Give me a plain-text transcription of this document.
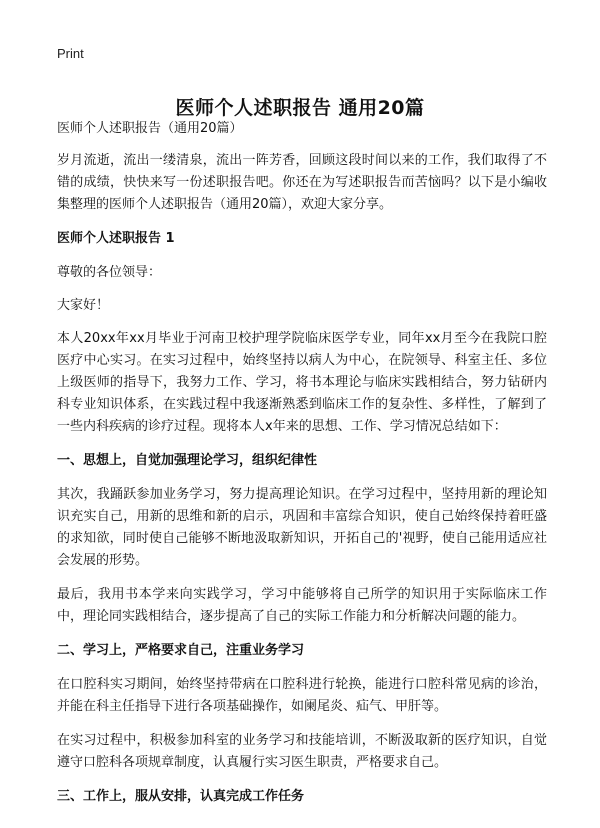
Print
医师个人述职报告 通用20篇

医师个人述职报告（通用20篇）

岁月流逝，流出一缕清泉，流出一阵芳香，回顾这段时间以来的工作，我们取得了不错的成绩，快快来写一份述职报告吧。你还在为写述职报告而苦恼吗？以下是小编收集整理的医师个人述职报告（通用20篇），欢迎大家分享。

医师个人述职报告 1

尊敬的各位领导：

大家好！

本人20xx年xx月毕业于河南卫校护理学院临床医学专业，同年xx月至今在我院口腔医疗中心实习。在实习过程中，始终坚持以病人为中心，在院领导、科室主任、多位上级医师的指导下，我努力工作、学习，将书本理论与临床实践相结合，努力钻研内科专业知识体系，在实践过程中我逐渐熟悉到临床工作的复杂性、多样性，了解到了一些内科疾病的诊疗过程。现将本人x年来的思想、工作、学习情况总结如下：

一、思想上，自觉加强理论学习，组织纪律性

其次，我踊跃参加业务学习，努力提高理论知识。在学习过程中，坚持用新的理论知识充实自己，用新的思维和新的启示，巩固和丰富综合知识，使自己始终保持着旺盛的求知欲，同时使自己能够不断地汲取新知识，开拓自己的'视野，使自己能用适应社会发展的形势。

最后，我用书本学来向实践学习，学习中能够将自己所学的知识用于实际临床工作中，理论同实践相结合，逐步提高了自己的实际工作能力和分析解决问题的能力。

二、学习上，严格要求自己，注重业务学习

在口腔科实习期间，始终坚持带病在口腔科进行轮换，能进行口腔科常见病的诊治，并能在科主任指导下进行各项基础操作，如阑尾炎、疝气、甲肝等。

在实习过程中，积极参加科室的业务学习和技能培训，不断汲取新的医疗知识，自觉遵守口腔科各项规章制度，认真履行实习医生职责，严格要求自己。

三、工作上，服从安排，认真完成工作任务
